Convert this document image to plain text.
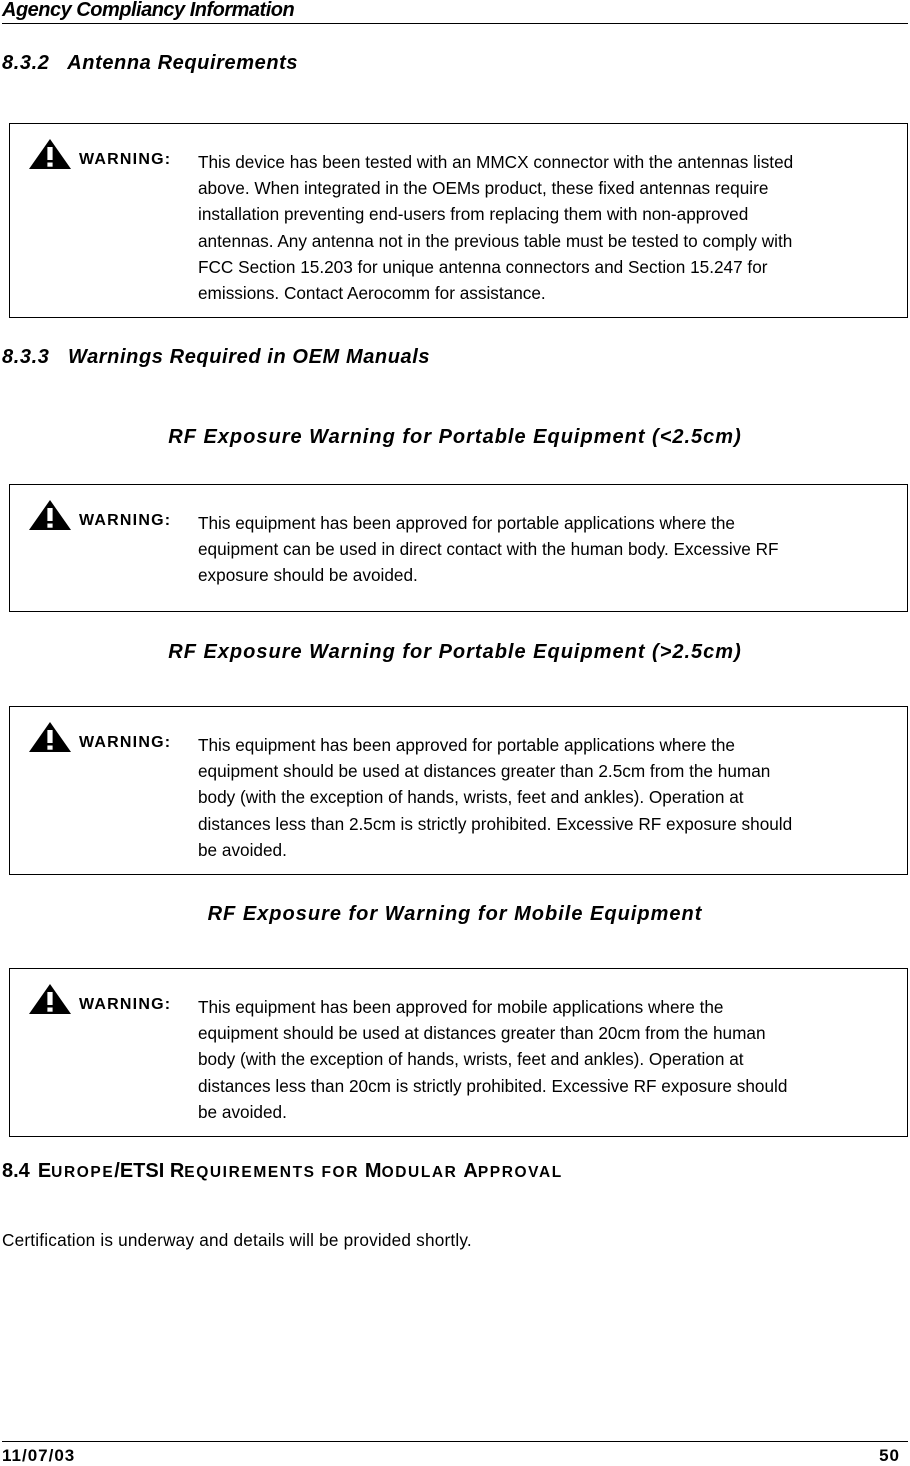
Agency Compliancy Information
8.3.2   Antenna Requirements
WARNING: This device has been tested with an MMCX connector with the antennas listed
above. When integrated in the OEMs product, these fixed antennas require
installation preventing end-users from replacing them with non-approved
antennas. Any antenna not in the previous table must be tested to comply with
FCC Section 15.203 for unique antenna connectors and Section 15.247 for
emissions. Contact Aerocomm for assistance.
8.3.3   Warnings Required in OEM Manuals
RF Exposure Warning for Portable Equipment (<2.5cm)
WARNING: This equipment has been approved for portable applications where the
equipment can be used in direct contact with the human body. Excessive RF
exposure should be avoided.
RF Exposure Warning for Portable Equipment (>2.5cm)
WARNING: This equipment has been approved for portable applications where the
equipment should be used at distances greater than 2.5cm from the human
body (with the exception of hands, wrists, feet and ankles). Operation at
distances less than 2.5cm is strictly prohibited. Excessive RF exposure should
be avoided.
RF Exposure for Warning for Mobile Equipment
WARNING: This equipment has been approved for mobile applications where the
equipment should be used at distances greater than 20cm from the human
body (with the exception of hands, wrists, feet and ankles). Operation at
distances less than 20cm is strictly prohibited. Excessive RF exposure should
be avoided.
8.4 EUROPE/ETSI REQUIREMENTS FOR MODULAR APPROVAL
Certification is underway and details will be provided shortly.
11/07/03	50
